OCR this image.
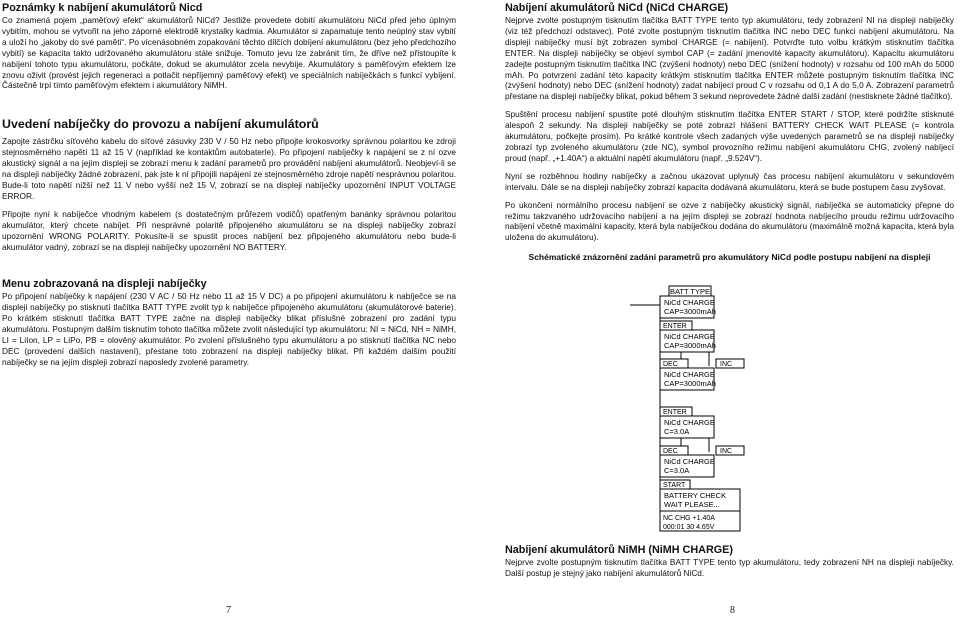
Poznámky k nabíjení akumulátorů Nicd

Co znamená pojem „paměťový efekt“ akumulátorů NiCd? Jestliže provedete dobití akumulátoru NiCd před jeho úplným vybitím, mohou se vytvořit na jeho záporné elektrodě krystalky kadmia. Akumulátor si zapamatuje tento neúplný stav vybití a uloží ho „jakoby do své paměti“. Po vícenásobném zopakování těchto dílčích dobíjení akumulátoru (bez jeho předchozího vybití) se kapacita takto udržovaného akumulátoru stále snižuje. Tomuto jevu lze zabránit tím, že dříve než přistoupíte k nabíjení tohoto typu akumulátoru, počkáte, dokud se akumulátor zcela nevybije. Akumulátory s paměťovým efektem lze znovu oživit (provést jejich regeneraci a potlačit nepříjemný paměťový efekt) ve speciálních nabíječkách s funkcí vybíjení. Částečně trpí tímto paměťovým efektem i akumulátory NiMH.

Uvedení nabíječky do provozu a nabíjení akumulátorů

Zapojte zástrčku síťového kabelu do síťové zásuvky 230 V / 50 Hz nebo připojte krokosvorky správnou polaritou ke zdroji stejnosměrného napětí 11 až 15 V (například ke kontaktům autobaterie). Po připojení nabíječky k napájení se z ní ozve akustický signál a na jejím displeji se zobrazí menu k zadání parametrů pro provádění nabíjení akumulátorů. Neobjeví-li se na displeji nabíječky žádné zobrazení, pak jste k ní připojili napájení ze stejnosměrného zdroje napětí nesprávnou polaritou. Bude-li toto napětí nižší než 11 V nebo vyšší než 15 V, zobrazí se na displeji nabíječky upozornění INPUT VOLTAGE ERROR.

Připojte nyní k nabíječce vhodným kabelem (s dostatečným průřezem vodičů) opatřeným banánky správnou polaritou akumulátor, který chcete nabíjet. Při nesprávné polaritě připojeného akumulátoru se na displeji nabíječky zobrazí upozornění WRONG POLARITY. Pokusíte-li se spustit proces nabíjení bez připojeného akumulátoru nebo bude-li akumulátor vadný, zobrazí se na displeji nabíječky upozornění NO BATTERY.

Menu zobrazovaná na displeji nabíječky

Po připojení nabíječky k napájení (230 V AC / 50 Hz nebo 11 až 15 V DC) a po připojení akumulátoru k nabíječce se na displeji nabíječky po stisknutí tlačítka BATT TYPE zvolit typ k nabíječce připojeného akumulátoru (akumulátorové baterie). Po krátkém stisknutí tlačítka BATT TYPE začne na displeji nabíječky blikat příslušné zobrazení pro zadání typu akumulátoru. Postupným dalším tisknutím tohoto tlačítka můžete zvolit následující typ akumulátoru: NI = NiCd, NH = NiMH, LI = LiIon, LP = LiPo, PB = olověný akumulátor. Po zvolení příslušného typu akumulátoru a po stisknutí tlačítka NC nebo DEC (provedení dalších nastavení), přestane toto zobrazení na displeji nabíječky blikat. Při každém dalším použití nabíječky se na jejím displeji zobrazí naposledy zvolené parametry.

7

Nabíjení akumulátorů NiCd (NiCd CHARGE)

Nejprve zvolte postupným tisknutím tlačítka BATT TYPE tento typ akumulátoru, tedy zobrazení NI na displeji nabíječky (viz též předchozí odstavec). Poté zvolte postupným tisknutím tlačítka INC nebo DEC funkci nabíjení akumulátoru. Na displeji nabíječky musí být zobrazen symbol CHARGE (= nabíjení). Potvrďte tuto volbu krátkým stisknutím tlačítka ENTER. Na displeji nabíječky se objeví symbol CAP (= zadání jmenovité kapacity akumulátoru). Kapacitu akumulátoru zadejte postupným tisknutím tlačítka INC (zvýšení hodnoty) nebo DEC (snížení hodnoty) v rozsahu od 100 mAh do 5000 mAh. Po potvrzení zadání této kapacity krátkým stisknutím tlačítka ENTER můžete postupným tisknutím tlačítka INC (zvýšení hodnoty) nebo DEC (snížení hodnoty) zadat nabíjecí proud C v rozsahu od 0,1 A do 5,0 A. Zobrazení parametrů přestane na displeji nabíječky blikat, pokud během 3 sekund neprovedete žádné další zadání (nestisknete žádné tlačítko).

Spuštění procesu nabíjení spustíte poté dlouhým stisknutím tlačítka ENTER START / STOP, které podržíte stisknuté alespoň 2 sekundy. Na displeji nabíječky se poté zobrazí hlášení BATTERY CHECK WAIT PLEASE (= kontrola akumulátoru, počkejte prosím). Po krátké kontrole všech zadaných výše uvedených parametrů se na displeji nabíječky zobrazí typ zvoleného akumulátoru (zde NC), symbol provozního režimu nabíjení akumulátoru CHG, zvolený nabíjecí proud (např. „+1.40A“) a aktuální napětí akumulátoru (např. „9.524V“).

Nyní se rozběhnou hodiny nabíječky a začnou ukazovat uplynulý čas procesu nabíjení akumulátoru v sekundovém intervalu. Dále se na displeji nabíječky zobrazí kapacita dodávaná akumulátoru, která se bude postupem času zvyšovat.

Po ukončení normálního procesu nabíjení se ozve z nabíječky akustický signál, nabíječka se automaticky přepne do režimu takzvaného udržovacího nabíjení a na jejím displeji se zobrazí hodnota nabíjecího proudu režimu udržovacího nabíjení včetně maximální kapacity, která byla nabíječkou dodána do akumulátoru (maximálně možná kapacita, která byla uložena do akumulátoru).

Schématické znázornění zadání parametrů pro akumulátory NiCd podle postupu nabíjení na displeji

BATT TYPE
NiCd CHARGE
CAP=3000mAh
ENTER
NiCd CHARGE
CAP=3000mAh
DEC	INC
NiCd CHARGE
CAP=3000mAh
ENTER
NiCd CHARGE
C=3.0A
DEC	INC
NiCd CHARGE
C=3.0A
START
BATTERY CHECK
WAIT PLEASE...
NC CHG +1.40A
000:01 30 4.65V

Nabíjení akumulátorů NiMH (NiMH CHARGE)

Nejprve zvolte postupným tisknutím tlačítka BATT TYPE tento typ akumulátoru, tedy zobrazení NH na displeji nabíječky. Další postup je stejný jako nabíjení akumulátorů NiCd.

8
